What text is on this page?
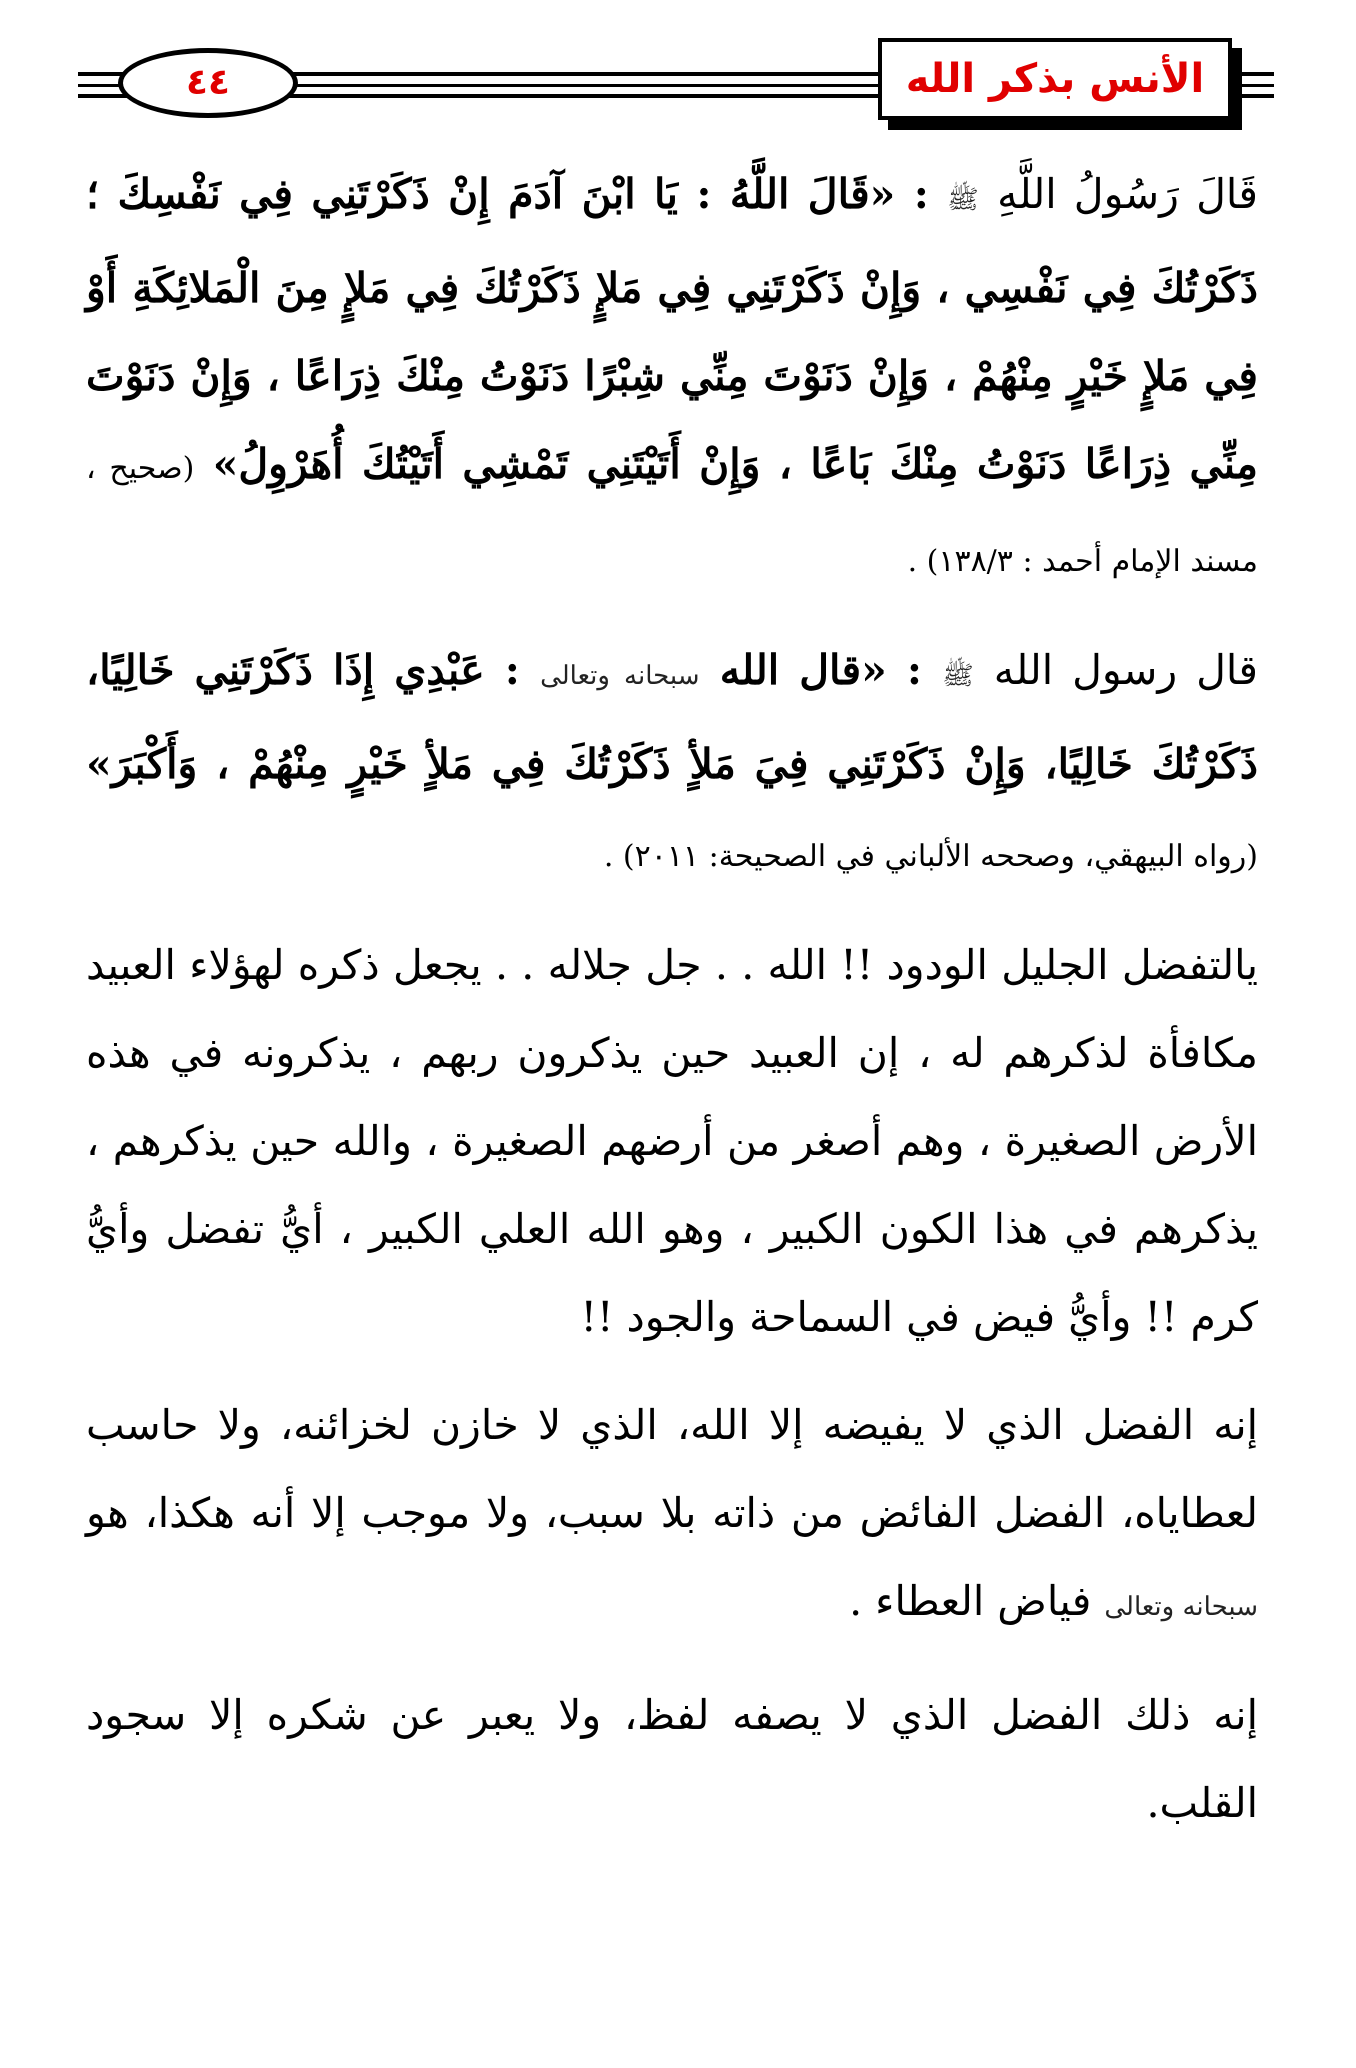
٤٤	الأنس بذكر الله

قَالَ رَسُولُ اللَّهِ ﷺ : «قَالَ اللَّهُ : يَا ابْنَ آدَمَ إِنْ ذَكَرْتَنِي فِي نَفْسِكَ ؛ ذَكَرْتُكَ فِي نَفْسِي ، وَإِنْ ذَكَرْتَنِي فِي مَلإٍ ذَكَرْتُكَ فِي مَلإٍ مِنَ الْمَلائِكَةِ أَوْ فِي مَلإٍ خَيْرٍ مِنْهُمْ ، وَإِنْ دَنَوْتَ مِنِّي شِبْرًا دَنَوْتُ مِنْكَ ذِرَاعًا ، وَإِنْ دَنَوْتَ مِنِّي ذِرَاعًا دَنَوْتُ مِنْكَ بَاعًا ، وَإِنْ أَتَيْتَنِي تَمْشِي أَتَيْتُكَ أُهَرْوِلُ» (صحيح ، مسند الإمام أحمد : ١٣٨/٣) .

قال رسول الله ﷺ : «قال الله سبحانه وتعالى : عَبْدِي إِذَا ذَكَرْتَنِي خَالِيًا، ذَكَرْتُكَ خَالِيًا، وَإِنْ ذَكَرْتَنِي فِيَ مَلأٍ ذَكَرْتُكَ فِي مَلأٍ خَيْرٍ مِنْهُمْ ، وَأَكْبَرَ» (رواه البيهقي، وصححه الألباني في الصحيحة: ٢٠١١) .

يالتفضل الجليل الودود !! الله . . جل جلاله . . يجعل ذكره لهؤلاء العبيد مكافأة لذكرهم له ، إن العبيد حين يذكرون ربهم ، يذكرونه في هذه الأرض الصغيرة ، وهم أصغر من أرضهم الصغيرة ، والله حين يذكرهم ، يذكرهم في هذا الكون الكبير ، وهو الله العلي الكبير ، أيُّ تفضل وأيُّ كرم !! وأيُّ فيض في السماحة والجود !!

إنه الفضل الذي لا يفيضه إلا الله، الذي لا خازن لخزائنه، ولا حاسب لعطاياه، الفضل الفائض من ذاته بلا سبب، ولا موجب إلا أنه هكذا، هو سبحانه وتعالى فياض العطاء .

إنه ذلك الفضل الذي لا يصفه لفظ، ولا يعبر عن شكره إلا سجود القلب.
